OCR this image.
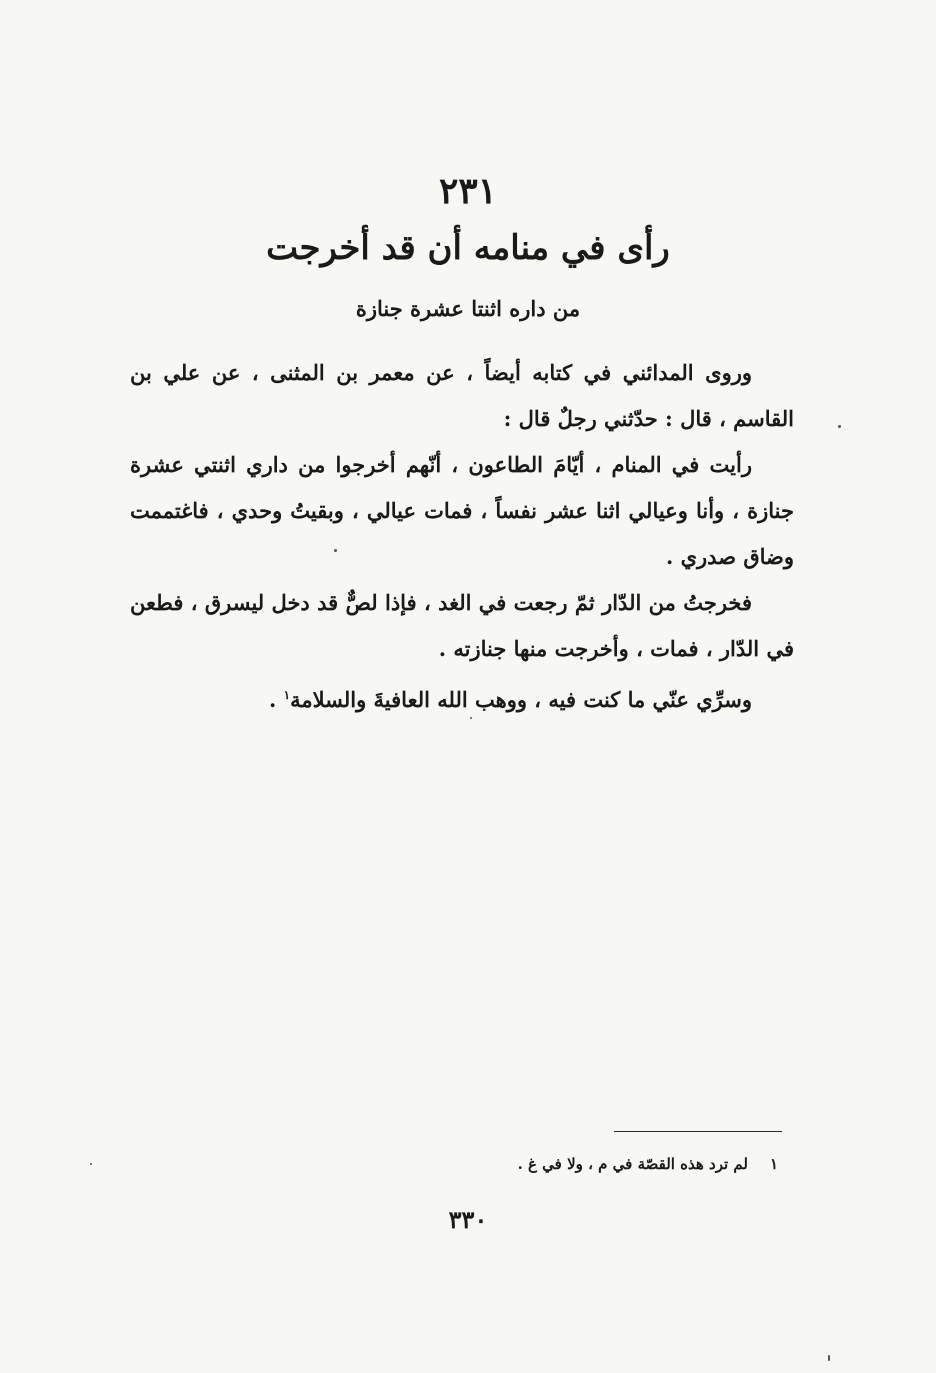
٢٣١
رأى في منامه أن قد أخرجت
من داره اثنتا عشرة جنازة

وروى المدائني في كتابه أيضاً ، عن معمر بن المثنى ، عن علي بن القاسم ، قال : حدّثني رجلٌ قال :

رأيت في المنام ، أيّامَ الطاعون ، أنّهم أخرجوا من داري اثنتي عشرة جنازة ، وأنا وعيالي اثنا عشر نفساً ، فمات عيالي ، وبقيتُ وحدي ، فاغتممت وضاق صدري .

فخرجتُ من الدّار ثمّ رجعت في الغد ، فإذا لصٌّ قد دخل ليسرق ، فطعن في الدّار ، فمات ، وأخرجت منها جنازته .

وسرِّي عنّي ما كنت فيه ، ووهب الله العافيةَ والسلامة$^١$ .

١لم ترد هذه القصّة في م ، ولا في غ .
٣٣٠
